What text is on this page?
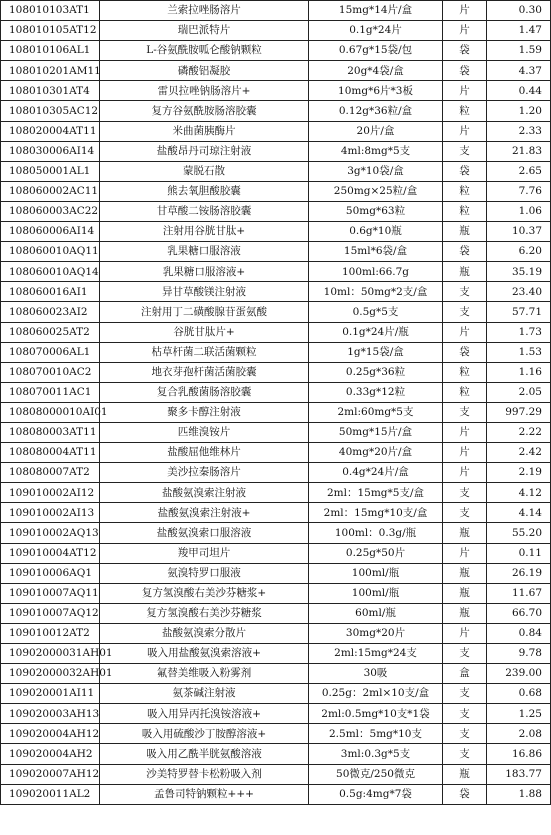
108010103AT1	兰索拉唑肠溶片	15mg*14片/盒	片	0.30
108010105AT12	瑞巴派特片	0.1g*24片	片	1.47
108010106AL1	L-谷氨酰胺呱仑酸钠颗粒	0.67g*15袋/包	袋	1.59
108010201AM11	磷酸铝凝胶	20g*4袋/盒	袋	4.37
108010301AT4	雷贝拉唑钠肠溶片+	10mg*6片*3板	片	0.44
108010305AC12	复方谷氨酰胺肠溶胶囊	0.12g*36粒/盒	粒	1.20
108020004AT11	米曲菌胰酶片	20片/盒	片	2.33
108030006AI14	盐酸昂丹司琼注射液	4ml:8mg*5支	支	21.83
108050001AL1	蒙脱石散	3g*10袋/盒	袋	2.65
108060002AC11	熊去氧胆酸胶囊	250mg×25粒/盒	粒	7.76
108060003AC22	甘草酸二铵肠溶胶囊	50mg*63粒	粒	1.06
108060006AI14	注射用谷胱甘肽+	0.6g*10瓶	瓶	10.37
108060010AQ11	乳果糖口服溶液	15ml*6袋/盒	袋	6.20
108060010AQ14	乳果糖口服溶液+	100ml:66.7g	瓶	35.19
108060016AI1	异甘草酸镁注射液	10ml：50mg*2支/盒	支	23.40
108060023AI2	注射用丁二磺酸腺苷蛋氨酸	0.5g*5支	支	57.71
108060025AT2	谷胱甘肽片+	0.1g*24片/瓶	片	1.73
108070006AL1	枯草杆菌二联活菌颗粒	1g*15袋/盒	袋	1.53
108070010AC2	地衣芽孢杆菌活菌胶囊	0.25g*36粒	粒	1.16
108070011AC1	复合乳酸菌肠溶胶囊	0.33g*12粒	粒	2.05
10808000010AI01	聚多卡醇注射液	2ml:60mg*5支	支	997.29
108080003AT11	匹维溴铵片	50mg*15片/盒	片	2.22
108080004AT11	盐酸屈他维林片	40mg*20片/盒	片	2.42
108080007AT2	美沙拉秦肠溶片	0.4g*24片/盒	片	2.19
109010002AI12	盐酸氨溴索注射液	2ml：15mg*5支/盒	支	4.12
109010002AI13	盐酸氨溴索注射液+	2ml：15mg*10支/盒	支	4.14
109010002AQ13	盐酸氨溴索口服溶液	100ml：0.3g/瓶	瓶	55.20
109010004AT12	羧甲司坦片	0.25g*50片	片	0.11
109010006AQ1	氨溴特罗口服液	100ml/瓶	瓶	26.19
109010007AQ11	复方氢溴酸右美沙芬糖浆+	100ml/瓶	瓶	11.67
109010007AQ12	复方氢溴酸右美沙芬糖浆	60ml/瓶	瓶	66.70
109010012AT2	盐酸氨溴索分散片	30mg*20片	片	0.84
10902000031AH01	吸入用盐酸氨溴索溶液+	2ml:15mg*24支	支	9.78
10902000032AH01	氟替美维吸入粉雾剂	30吸	盒	239.00
109020001AI11	氨茶碱注射液	0.25g：2ml×10支/盒	支	0.68
109020003AH13	吸入用异丙托溴铵溶液+	2ml:0.5mg*10支*1袋	支	1.25
109020004AH12	吸入用硫酸沙丁胺醇溶液+	2.5ml：5mg*10支	支	2.08
109020004AH2	吸入用乙酰半胱氨酸溶液	3ml:0.3g*5支	支	16.86
109020007AH12	沙美特罗替卡松粉吸入剂	50微克/250微克	瓶	183.77
109020011AL2	孟鲁司特钠颗粒+++	0.5g:4mg*7袋	袋	1.88
